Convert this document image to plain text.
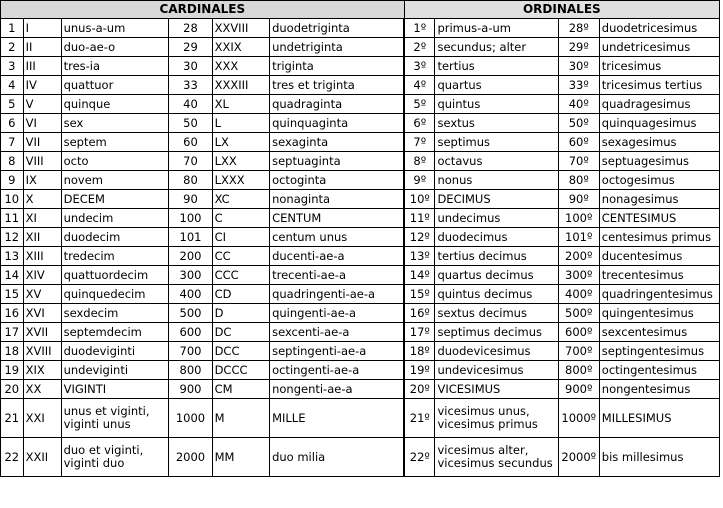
CARDINALES						ORDINALES			
1	I	unus-a-um	28	XXVIII	duodetriginta	1º	primus-a-um	28º	duodetricesimus
2	II	duo-ae-o	29	XXIX	undetriginta	2º	secundus; alter	29º	undetricesimus
3	III	tres-ia	30	XXX	triginta	3º	tertius	30º	tricesimus
4	IV	quattuor	33	XXXIII	tres et triginta	4º	quartus	33º	tricesimus tertius
5	V	quinque	40	XL	quadraginta	5º	quintus	40º	quadragesimus
6	VI	sex	50	L	quinquaginta	6º	sextus	50º	quinquagesimus
7	VII	septem	60	LX	sexaginta	7º	septimus	60º	sexagesimus
8	VIII	octo	70	LXX	septuaginta	8º	octavus	70º	septuagesimus
9	IX	novem	80	LXXX	octoginta	9º	nonus	80º	octogesimus
10	X	DECEM	90	XC	nonaginta	10º	DECIMUS	90º	nonagesimus
11	XI	undecim	100	C	CENTUM	11º	undecimus	100º	CENTESIMUS
12	XII	duodecim	101	CI	centum unus	12º	duodecimus	101º	centesimus primus
13	XIII	tredecim	200	CC	ducenti-ae-a	13º	tertius decimus	200º	ducentesimus
14	XIV	quattuordecim	300	CCC	trecenti-ae-a	14º	quartus decimus	300º	trecentesimus
15	XV	quinquedecim	400	CD	quadringenti-ae-a	15º	quintus decimus	400º	quadringentesimus
16	XVI	sexdecim	500	D	quingenti-ae-a	16º	sextus decimus	500º	quingentesimus
17	XVII	septemdecim	600	DC	sexcenti-ae-a	17º	septimus decimus	600º	sexcentesimus
18	XVIII	duodeviginti	700	DCC	septingenti-ae-a	18º	duodevicesimus	700º	septingentesimus
19	XIX	undeviginti	800	DCCC	octingenti-ae-a	19º	undevicesimus	800º	octingentesimus
20	XX	VIGINTI	900	CM	nongenti-ae-a	20º	VICESIMUS	900º	nongentesimus
21	XXI	unus et viginti, viginti unus	1000	M	MILLE	21º	vicesimus unus, vicesimus primus	1000º	MILLESIMUS
22	XXII	duo et viginti, viginti duo	2000	MM	duo milia	22º	vicesimus alter, vicesimus secundus	2000º	bis millesimus
